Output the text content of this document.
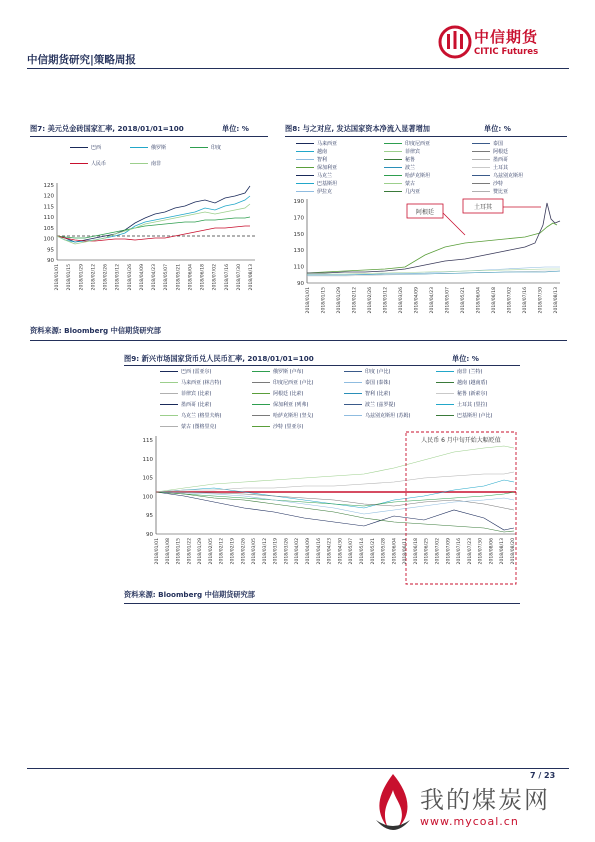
中信期货研究|策略周报
中信期货
CITIC Futures
图7: 美元兑金砖国家汇率, 2018/01/01=100	单位: %
巴西	俄罗斯	印度
人民币	南非
125
120
115
110
105
100
95
90
2018/01/01 2018/01/15 2018/01/29 2018/02/12 2018/02/26 2018/03/12 2018/03/26 2018/04/09 2018/04/23 2018/05/07 2018/05/21 2018/06/04 2018/06/18 2018/07/02 2018/07/16 2018/07/30 2018/08/13
图8: 与之对应, 发达国家资本净流入显著增加	单位: %
马来西亚	印度尼西亚	泰国
越南	菲律宾	阿根廷
智利	秘鲁	墨西哥
保加利亚	波兰	土耳其
马克兰	哈萨克斯坦	乌兹别克斯坦
巴基斯坦	蒙古	沙特
伊拉克	几内亚	赞比亚
190
170
150
130
110
90
阿根廷
土耳其
2018/01/01 2018/01/15 2018/01/29 2018/02/12 2018/02/26 2018/03/12 2018/03/26 2018/04/09 2018/04/23 2018/05/07 2018/05/21 2018/06/04 2018/06/18 2018/07/02 2018/07/16 2018/07/30 2018/08/13
资料来源: Bloomberg 中信期货研究部
图9: 新兴市场国家货币兑人民币汇率, 2018/01/01=100	单位: %
巴西 (雷亚尔)	俄罗斯 (卢布)	印度 (卢比)	南非 (兰特)
马来西亚 (林吉特)	印度尼西亚 (卢比)	泰国 (泰铢)	越南 (越南盾)
菲律宾 (比索)	阿根廷 (比索)	智利 (比索)	秘鲁 (新索尔)
墨西哥 (比索)	保加利亚 (列弗)	波兰 (兹罗提)	土耳其 (里拉)
乌克兰 (格里夫纳)	哈萨克斯坦 (坚戈)	乌兹别克斯坦 (苏姆)	巴基斯坦 (卢比)
蒙古 (图格里克)	沙特 (里亚尔)
115
110
105
100
95
90
人民币 6 月中旬开始大幅贬值
2018/01/01 2018/01/08 2018/01/15 2018/01/22 2018/01/29 2018/02/05 2018/02/12 2018/02/19 2018/02/26 2018/03/05 2018/03/12 2018/03/19 2018/03/26 2018/04/02 2018/04/09 2018/04/16 2018/04/23 2018/04/30 2018/05/07 2018/05/14 2018/05/21 2018/05/28 2018/06/04 2018/06/11 2018/06/18 2018/06/25 2018/07/02 2018/07/09 2018/07/16 2018/07/23 2018/07/30 2018/08/06 2018/08/13 2018/08/20
资料来源: Bloomberg 中信期货研究部
7 / 23
我的煤炭网
www.mycoal.cn
